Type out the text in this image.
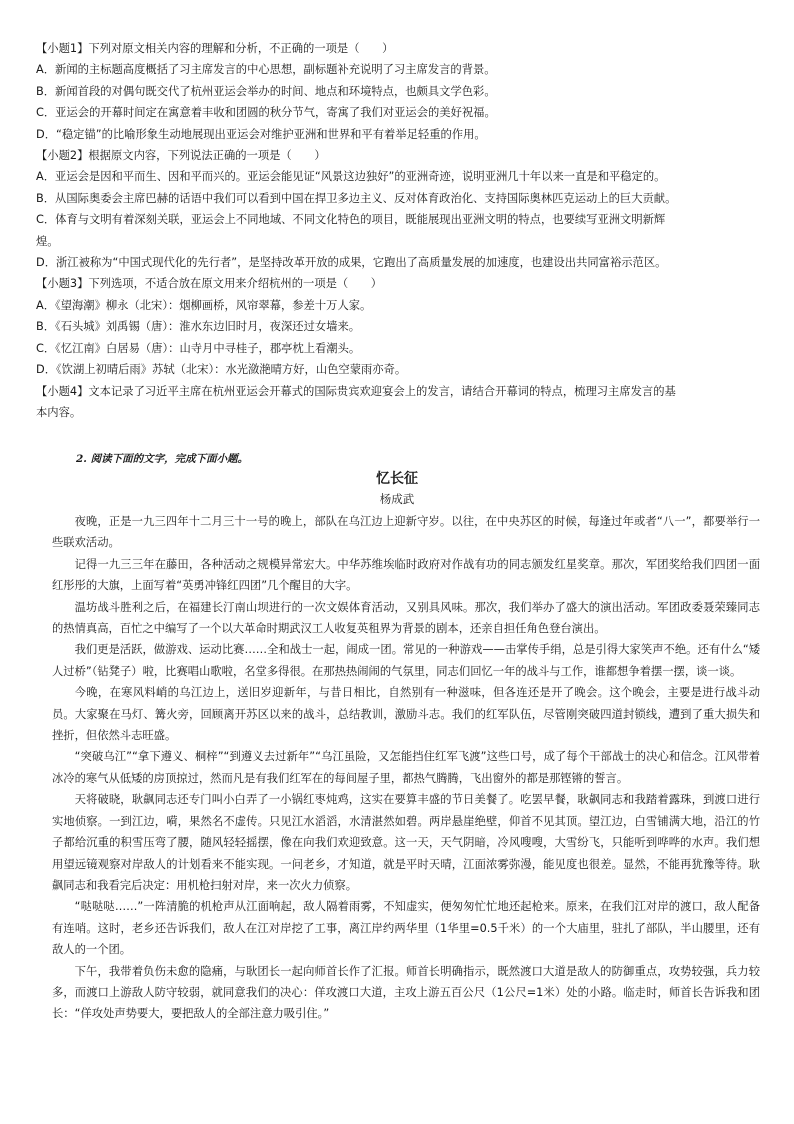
【小题1】下列对原文相关内容的理解和分析，不正确的一项是（　　）
A．新闻的主标题高度概括了习主席发言的中心思想，副标题补充说明了习主席发言的背景。
B．新闻首段的对偶句既交代了杭州亚运会举办的时间、地点和环境特点，也颇具文学色彩。
C．亚运会的开幕时间定在寓意着丰收和团圆的秋分节气，寄寓了我们对亚运会的美好祝福。
D．“稳定锚”的比喻形象生动地展现出亚运会对维护亚洲和世界和平有着举足轻重的作用。
【小题2】根据原文内容，下列说法正确的一项是（　　）
A．亚运会是因和平而生、因和平而兴的。亚运会能见证“风景这边独好”的亚洲奇迹，说明亚洲几十年以来一直是和平稳定的。
B．从国际奥委会主席巴赫的话语中我们可以看到中国在捍卫多边主义、反对体育政治化、支持国际奥林匹克运动上的巨大贡献。
C．体育与文明有着深刻关联，亚运会上不同地域、不同文化特色的项目，既能展现出亚洲文明的特点，也要续写亚洲文明新辉
煌。
D．浙江被称为“中国式现代化的先行者”，是坚持改革开放的成果，它跑出了高质量发展的加速度，也建设出共同富裕示范区。
【小题3】下列选项，不适合放在原文用来介绍杭州的一项是（　　）
A．《望海潮》柳永（北宋）：烟柳画桥，风帘翠幕，参差十万人家。
B．《石头城》刘禹锡（唐）：淮水东边旧时月，夜深还过女墙来。
C．《忆江南》白居易（唐）：山寺月中寻桂子，郡亭枕上看潮头。
D．《饮湖上初晴后雨》苏轼（北宋）：水光潋滟晴方好，山色空蒙雨亦奇。
【小题4】文本记录了习近平主席在杭州亚运会开幕式的国际贵宾欢迎宴会上的发言，请结合开幕词的特点，梳理习主席发言的基
本内容。
2. 阅读下面的文字，完成下面小题。
忆长征
杨成武

夜晚，正是一九三四年十二月三十一号的晚上，部队在乌江边上迎新守岁。以往，在中央苏区的时候，每逢过年或者“八一”，都要举行一些联欢活动。

记得一九三三年在藤田，各种活动之规模异常宏大。中华苏维埃临时政府对作战有功的同志颁发红星奖章。那次，军团奖给我们四团一面红彤彤的大旗，上面写着“英勇冲锋红四团”几个醒目的大字。

温坊战斗胜利之后，在福建长汀南山坝进行的一次文娱体育活动，又别具风味。那次，我们举办了盛大的演出活动。军团政委聂荣臻同志的热情真高，百忙之中编写了一个以大革命时期武汉工人收复英租界为背景的剧本，还亲自担任角色登台演出。

我们更是活跃，做游戏、运动比赛……全和战士一起，闹成一团。常见的一种游戏——击掌传手绢，总是引得大家笑声不绝。还有什么“矮人过桥”（钻凳子）啦，比赛唱山歌啦，名堂多得很。在那热热闹闹的气氛里，同志们回忆一年的战斗与工作，谁都想争着摆一摆，谈一谈。

今晚，在寒风料峭的乌江边上，送旧岁迎新年，与昔日相比，自然别有一种滋味，但各连还是开了晚会。这个晚会，主要是进行战斗动员。大家聚在马灯、篝火旁，回顾离开苏区以来的战斗，总结教训，激励斗志。我们的红军队伍，尽管刚突破四道封锁线，遭到了重大损失和挫折，但依然斗志旺盛。

“突破乌江”“拿下遵义、桐梓”“到遵义去过新年”“乌江虽险，又怎能挡住红军飞渡”这些口号，成了每个干部战士的决心和信念。江风带着冰冷的寒气从低矮的房顶掠过，然而凡是有我们红军在的每间屋子里，都热气腾腾，飞出窗外的都是那铿锵的誓言。

天将破晓，耿飙同志还专门叫小白弄了一小锅红枣炖鸡，这实在要算丰盛的节日美餐了。吃罢早餐，耿飙同志和我踏着露珠，到渡口进行实地侦察。一到江边，嗬，果然名不虚传。只见江水滔滔，水清湛然如碧。两岸悬崖绝壁，仰首不见其顶。望江边，白雪铺满大地，沿江的竹子都给沉重的积雪压弯了腰，随风轻轻摇摆，像在向我们欢迎致意。这一天，天气阴暗，冷风嗖嗖，大雪纷飞，只能听到哗哗的水声。我们想用望远镜观察对岸敌人的计划看来不能实现。一问老乡，才知道，就是平时天晴，江面浓雾弥漫，能见度也很差。显然，不能再犹豫等待。耿飙同志和我看完后决定：用机枪扫射对岸，来一次火力侦察。

“哒哒哒……”一阵清脆的机枪声从江面响起，敌人隔着雨雾，不知虚实，便匆匆忙忙地还起枪来。原来，在我们江对岸的渡口，敌人配备有连哨。这时，老乡还告诉我们，敌人在江对岸挖了工事，离江岸约两华里（1华里=0.5千米）的一个大庙里，驻扎了部队，半山腰里，还有敌人的一个团。

下午，我带着负伤未愈的隐痛，与耿团长一起向师首长作了汇报。师首长明确指示，既然渡口大道是敌人的防御重点，攻势较强，兵力较多，而渡口上游敌人防守较弱，就同意我们的决心：佯攻渡口大道，主攻上游五百公尺（1公尺=1米）处的小路。临走时，师首长告诉我和团长：“佯攻处声势要大，要把敌人的全部注意力吸引住。”
